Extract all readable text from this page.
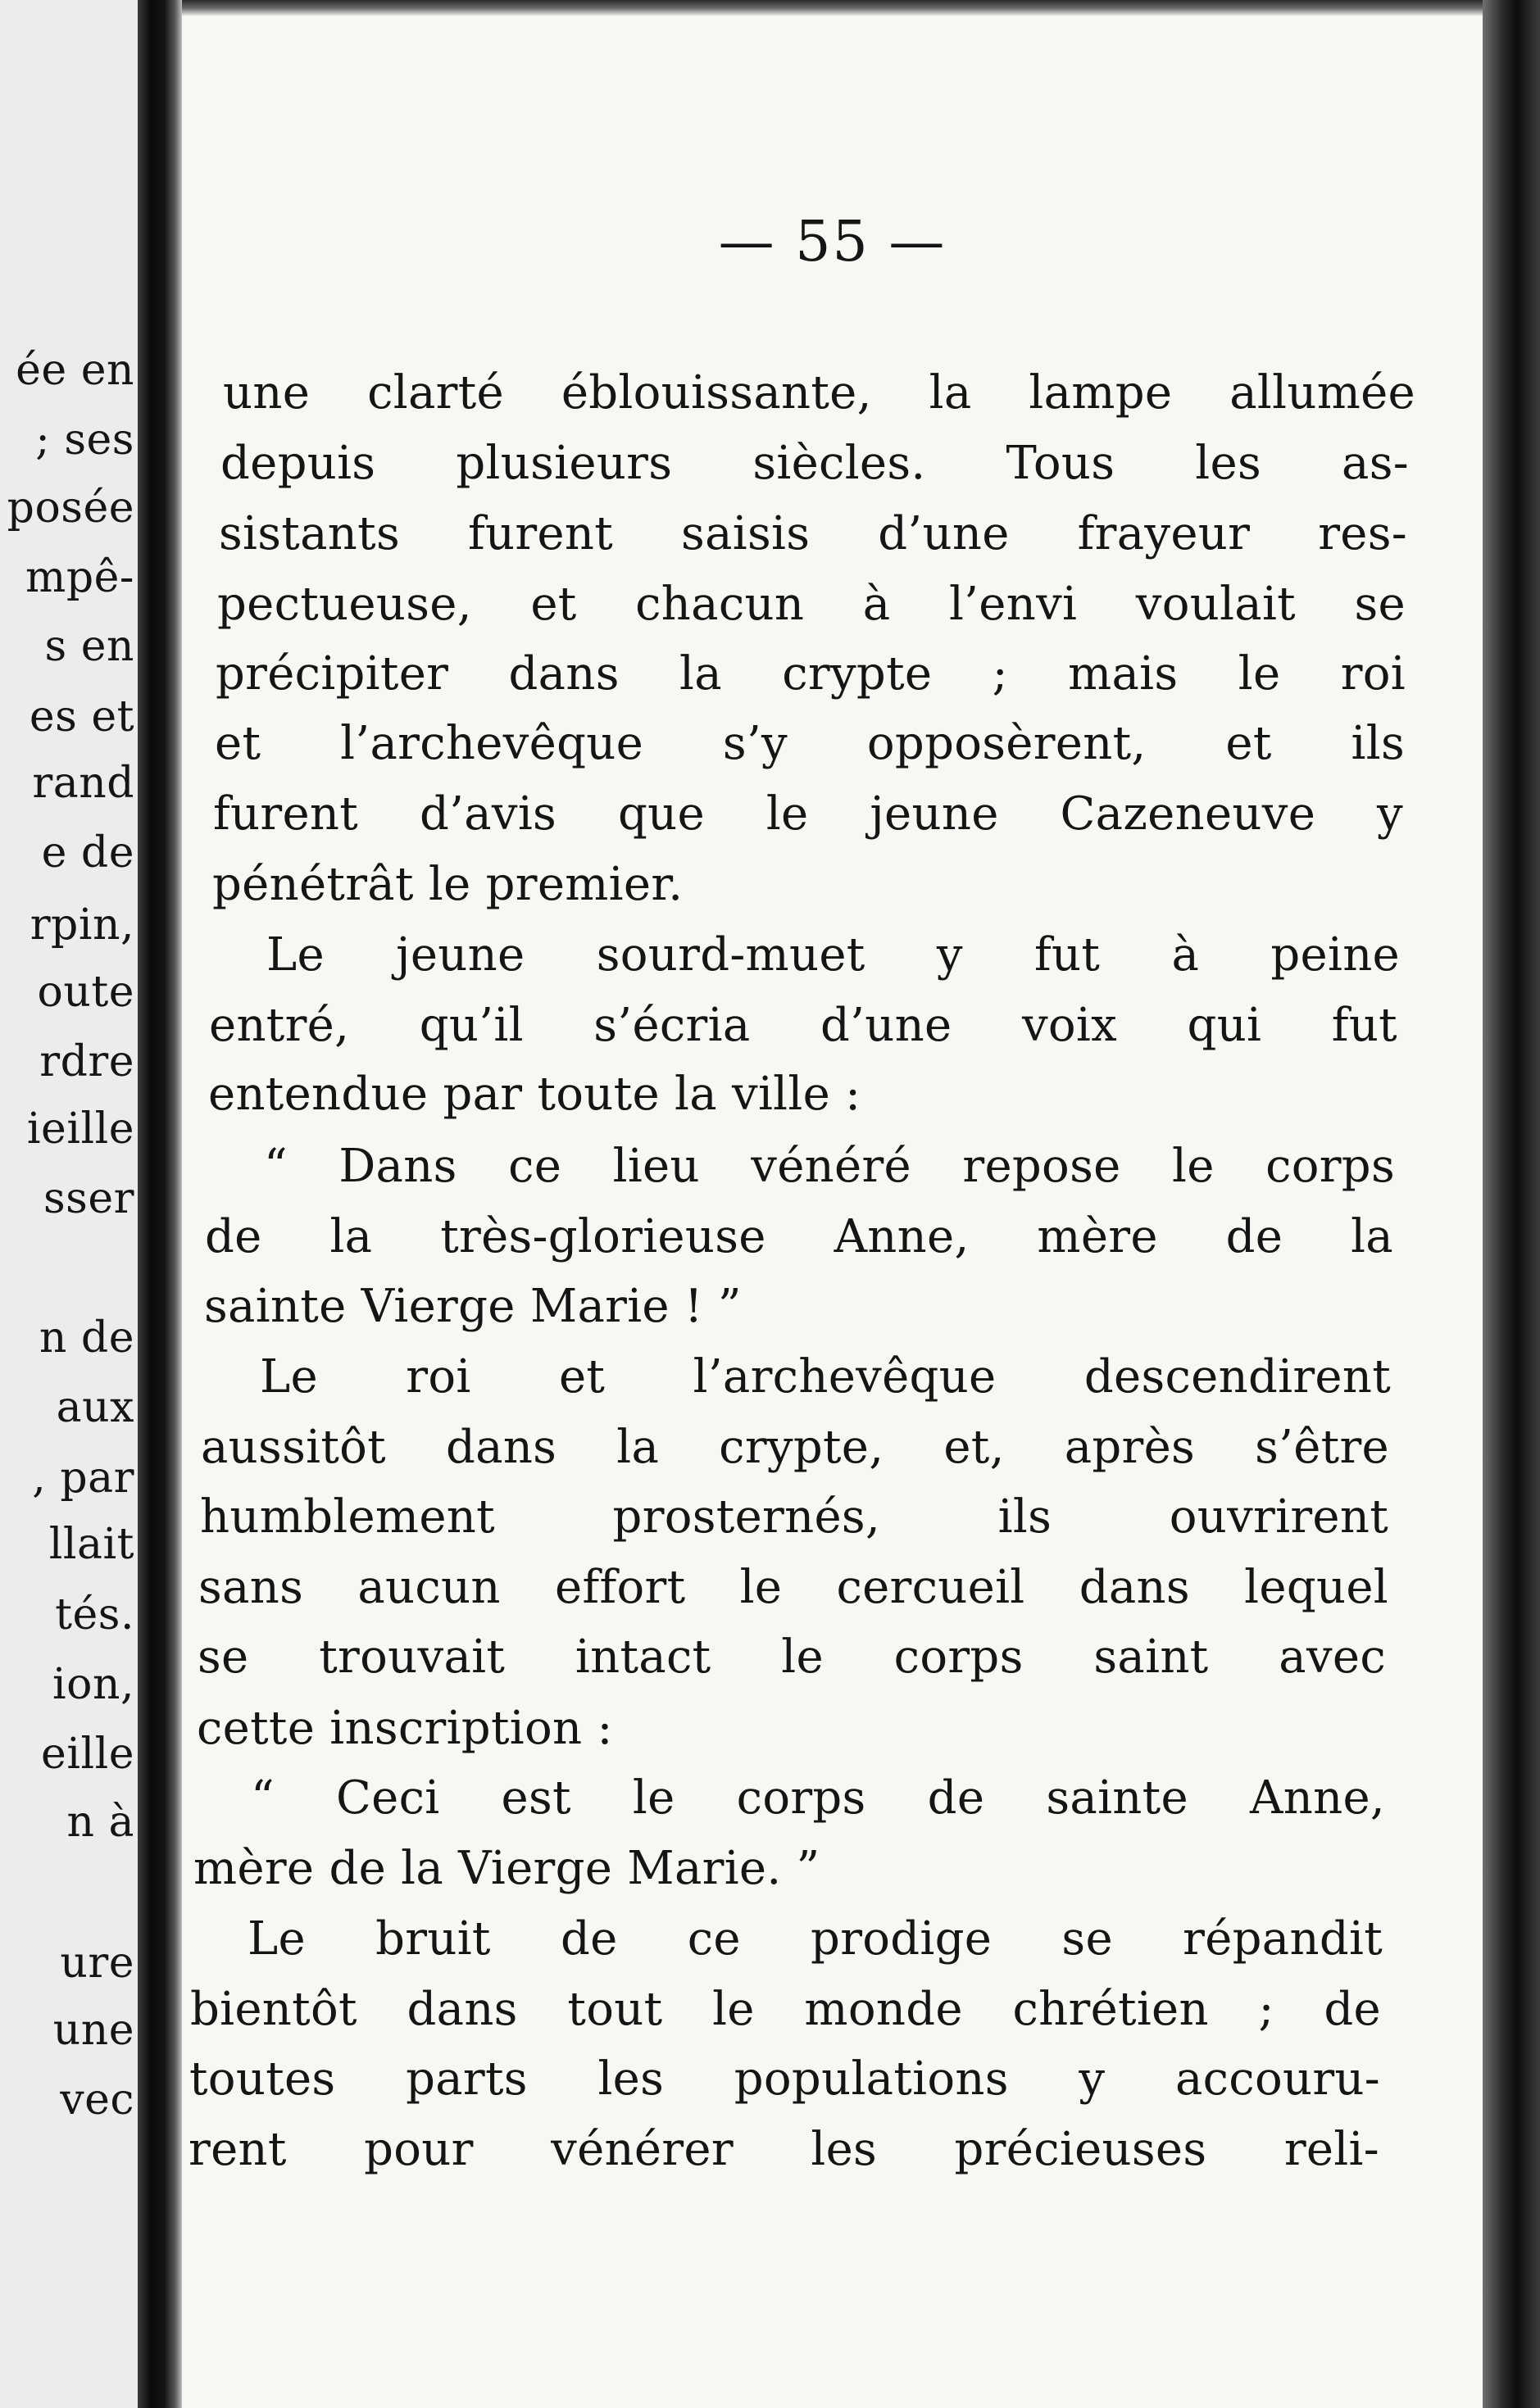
ée en
; ses
posée
mpê-
s en
es et
rand
e de
rpin,
oute
rdre
ieille
sser
n de
aux
, par
llait
tés.
ion,
eille
n à
ure
une
vec
— 55 —
une clarté éblouissante, la lampe allumée
depuis plusieurs siècles. Tous les as-
sistants furent saisis d’une frayeur res-
pectueuse, et chacun à l’envi voulait se
précipiter dans la crypte ; mais le roi
et l’archevêque s’y opposèrent, et ils
furent d’avis que le jeune Cazeneuve y
pénétrât le premier.
Le jeune sourd-muet y fut à peine
entré, qu’il s’écria d’une voix qui fut
entendue par toute la ville :
“ Dans ce lieu vénéré repose le corps
de la très-glorieuse Anne, mère de la
sainte Vierge Marie ! ”
Le roi et l’archevêque descendirent
aussitôt dans la crypte, et, après s’être
humblement prosternés, ils ouvrirent
sans aucun effort le cercueil dans lequel
se trouvait intact le corps saint avec
cette inscription :
“ Ceci est le corps de sainte Anne,
mère de la Vierge Marie. ”
Le bruit de ce prodige se répandit
bientôt dans tout le monde chrétien ; de
toutes parts les populations y accouru-
rent pour vénérer les précieuses reli-
